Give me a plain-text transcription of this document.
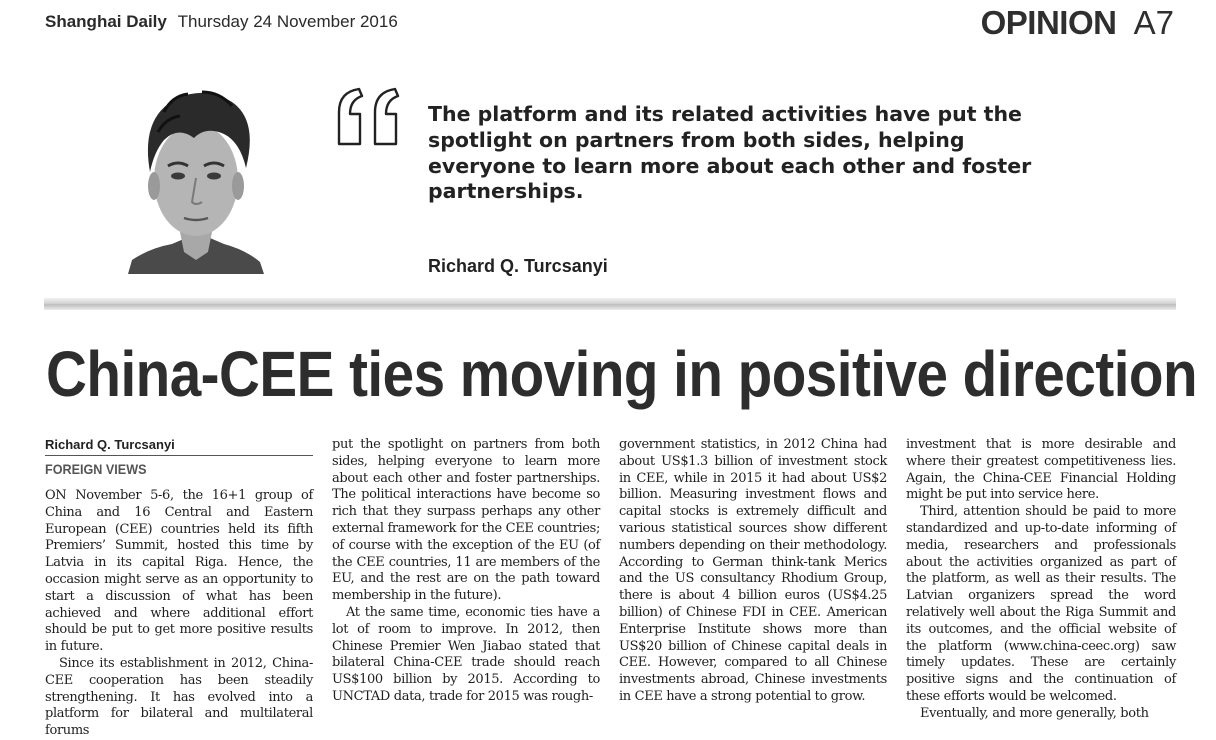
Shanghai Daily Thursday 24 November 2016	OPINION A7
The platform and its related activities have put the spotlight on partners from both sides, helping everyone to learn more about each other and foster partnerships.
Richard Q. Turcsanyi
China-CEE ties moving in positive direction
Richard Q. Turcsanyi
FOREIGN VIEWS

ON November 5-6, the 16+1 group of China and 16 Central and Eastern European (CEE) countries held its fifth Premiers’ Summit, hosted this time by Latvia in its capital Riga. Hence, the occasion might serve as an opportunity to start a discussion of what has been achieved and where additional effort should be put to get more positive results in future.

Since its establishment in 2012, China-CEE cooperation has been steadily strengthening. It has evolved into a platform for bilateral and multilateral forums

put the spotlight on partners from both sides, helping everyone to learn more about each other and foster partnerships. The political interactions have become so rich that they surpass perhaps any other external framework for the CEE countries; of course with the exception of the EU (of the CEE countries, 11 are members of the EU, and the rest are on the path toward membership in the future).

At the same time, economic ties have a lot of room to improve. In 2012, then Chinese Premier Wen Jiabao stated that bilateral China-CEE trade should reach US$100 billion by 2015. According to UNCTAD data, trade for 2015 was rough-

government statistics, in 2012 China had about US$1.3 billion of investment stock in CEE, while in 2015 it had about US$2 billion. Measuring investment flows and capital stocks is extremely difficult and various statistical sources show different numbers depending on their methodology. According to German think-tank Merics and the US consultancy Rhodium Group, there is about 4 billion euros (US$4.25 billion) of Chinese FDI in CEE. American Enterprise Institute shows more than US$20 billion of Chinese capital deals in CEE. However, compared to all Chinese investments abroad, Chinese investments in CEE have a strong potential to grow.

investment that is more desirable and where their greatest competitiveness lies. Again, the China-CEE Financial Holding might be put into service here.

Third, attention should be paid to more standardized and up-to-date informing of media, researchers and professionals about the activities organized as part of the platform, as well as their results. The Latvian organizers spread the word relatively well about the Riga Summit and its outcomes, and the official website of the platform (www.china-ceec.org) saw timely updates. These are certainly positive signs and the continuation of these efforts would be welcomed.

Eventually, and more generally, both
